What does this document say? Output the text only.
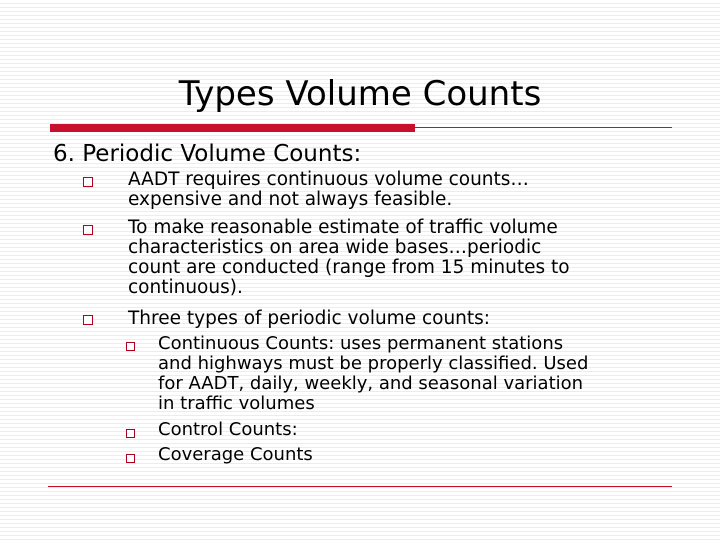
Types Volume Counts
6. Periodic Volume Counts:
AADT requires continuous volume counts…
expensive and not always feasible.
To make reasonable estimate of traffic volume
characteristics on area wide bases…periodic
count are conducted (range from 15 minutes to
continuous).
Three types of periodic volume counts:
Continuous Counts: uses permanent stations
and highways must be properly classified. Used
for AADT, daily, weekly, and seasonal variation
in traffic volumes
Control Counts:
Coverage Counts
